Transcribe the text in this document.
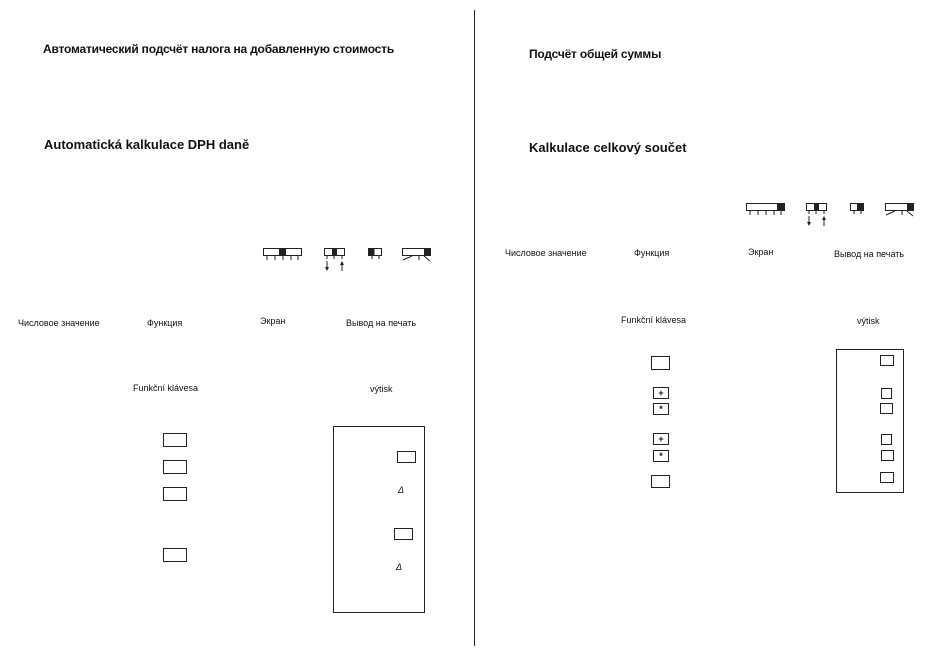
Автоматический подсчёт налога на добавленную стоимость
Automatická kalkulace DPH daně
Числовое значение	Функция	Экран	Вывод на печать
Funkční klávesa	výtisk
Δ
Δ
Подсчёт общей суммы
Kalkulace celkový součet
Числовое значение	Функция	Экран	Вывод на печать
Funkční klávesa	výtisk
+
*
+
*
